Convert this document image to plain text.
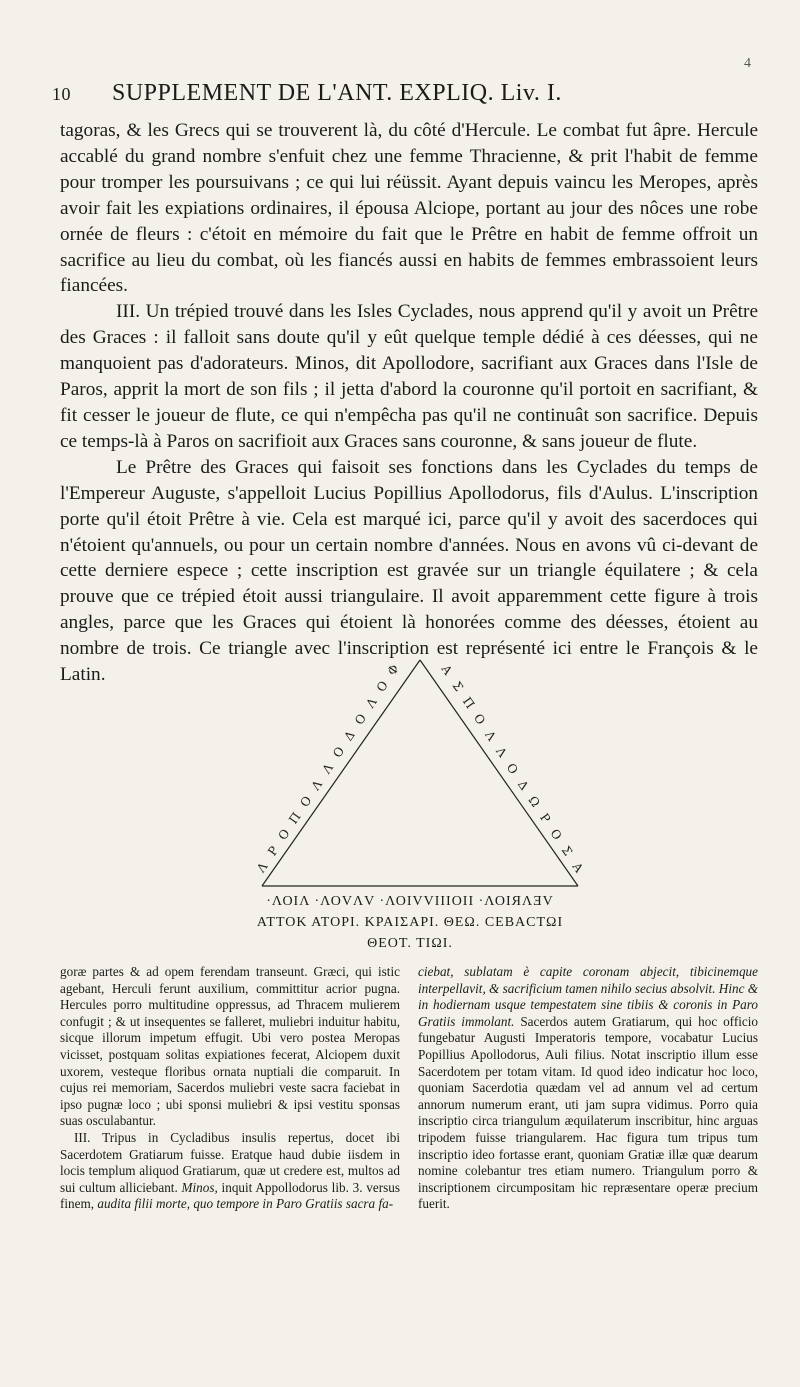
4
10 SUPPLEMENT DE L'ANT. EXPLIQ. Liv. I.

tagoras, & les Grecs qui se trouverent là, du côté d'Hercule. Le combat fut âpre. Hercule accablé du grand nombre s'enfuit chez une femme Thracienne, & prit l'habit de femme pour tromper les poursuivans ; ce qui lui réüssit. Ayant depuis vaincu les Meropes, après avoir fait les expiations ordinaires, il épousa Alciope, portant au jour des nôces une robe ornée de fleurs : c'étoit en mémoire du fait que le Prêtre en habit de femme offroit un sacrifice au lieu du combat, où les fiancés aussi en habits de femmes embrassoient leurs fiancées.

III. Un trépied trouvé dans les Isles Cyclades, nous apprend qu'il y avoit un Prêtre des Graces : il falloit sans doute qu'il y eût quelque temple dédié à ces déesses, qui ne manquoient pas d'adorateurs. Minos, dit Apollodore, sacrifiant aux Graces dans l'Isle de Paros, apprit la mort de son fils ; il jetta d'abord la couronne qu'il portoit en sacrifiant, & fit cesser le joueur de flute, ce qui n'empêcha pas qu'il ne continuât son sacrifice. Depuis ce temps-là à Paros on sacrifioit aux Graces sans couronne, & sans joueur de flute.

Le Prêtre des Graces qui faisoit ses fonctions dans les Cyclades du temps de l'Empereur Auguste, s'appelloit Lucius Popillius Apollodorus, fils d'Aulus. L'inscription porte qu'il étoit Prêtre à vie. Cela est marqué ici, parce qu'il y avoit des sacerdoces qui n'étoient qu'annuels, ou pour un certain nombre d'années. Nous en avons vû ci-devant de cette derniere espece ; cette inscription est gravée sur un triangle équilatere ; & cela prouve que ce trépied étoit aussi triangulaire. Il avoit apparemment cette figure à trois angles, parce que les Graces qui étoient là honorées comme des déesses, étoient au nombre de trois. Ce triangle avec l'inscription est représenté ici entre le François & le Latin.	Φ
Ο
Λ
Ο
Δ
Ο
Λ
Λ
Ο
Π
Ο
Ρ
Λ
Α
Σ
Π
Ο
Λ
Λ
Ο
Δ
Ω
Ρ
Ο
Σ
Α
·ΛΟΙΛ ·ΛΟVΛV ·ΛΟΙVVΙΙΙΟΙΙ ·ΛΟΙЯΛƎV
ΑΤΤΟΚ ΑΤΟΡΙ. ΚΡΑΙΣΑΡΙ. ΘΕΩ. CEBACTΩΙ
ΘΕΟΤ. ΤΙΩΙ.

goræ partes & ad opem ferendam transeunt. Græci, qui istic agebant, Herculi ferunt auxilium, committitur acrior pugna. Hercules porro multitudine oppressus, ad Thracem mulierem confugit ; & ut insequentes se falleret, muliebri induitur habitu, sicque illorum impetum effugit. Ubi vero postea Meropas vicisset, postquam solitas expiationes fecerat, Alciopem duxit uxorem, vesteque floribus ornata nuptiali die comparuit. In cujus rei memoriam, Sacerdos muliebri veste sacra faciebat in ipso pugnæ loco ; ubi sponsi muliebri & ipsi vestitu sponsas suas osculabantur.

III. Tripus in Cycladibus insulis repertus, docet ibi Sacerdotem Gratiarum fuisse. Eratque haud dubie iisdem in locis templum aliquod Gratiarum, quæ ut credere est, multos ad sui cultum alliciebant. Minos, inquit Appollodorus lib. 3. versus finem, audita filii morte, quo tempore in Paro Gratiis sacra fa-

ciebat, sublatam è capite coronam abjecit, tibicinemque interpellavit, & sacrificium tamen nihilo secius absolvit. Hinc & in hodiernam usque tempestatem sine tibiis & coronis in Paro Gratiis immolant. Sacerdos autem Gratiarum, qui hoc officio fungebatur Augusti Imperatoris tempore, vocabatur Lucius Popillius Apollodorus, Auli filius. Notat inscriptio illum esse Sacerdotem per totam vitam. Id quod ideo indicatur hoc loco, quoniam Sacerdotia quædam vel ad annum vel ad certum annorum numerum erant, uti jam supra vidimus. Porro quia inscriptio circa triangulum æquilaterum inscribitur, hinc arguas tripodem fuisse triangularem. Hac figura tum tripus tum inscriptio ideo fortasse erant, quoniam Gratiæ illæ quæ dearum nomine colebantur tres etiam numero. Triangulum porro & inscriptionem circumpositam hic repræsentare operæ precium fuerit.
